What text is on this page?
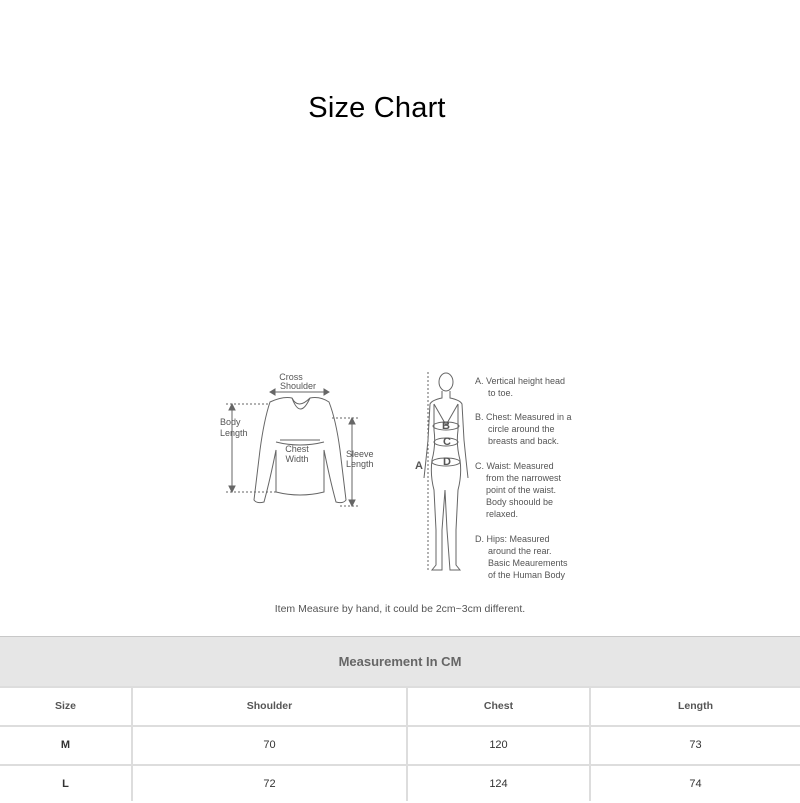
Size Chart
Cross
Shoulder
Body
Length
Chest
Width	Sleeve
Length	A
B
C
D
A. Vertical height head
to toe.
B. Chest: Measured in a
circle around the
breasts and back.
C. Waist: Measured
from the narrowest
point of the waist.
Body shoould be
relaxed.
D. Hips: Measured
around the rear.
Basic Meaurements
of the Human Body
Item Measure by hand, it could be 2cm~3cm different.
Measurement In CM
Size	Shoulder	Chest	Length
M	70	120	73
L	72	124	74
